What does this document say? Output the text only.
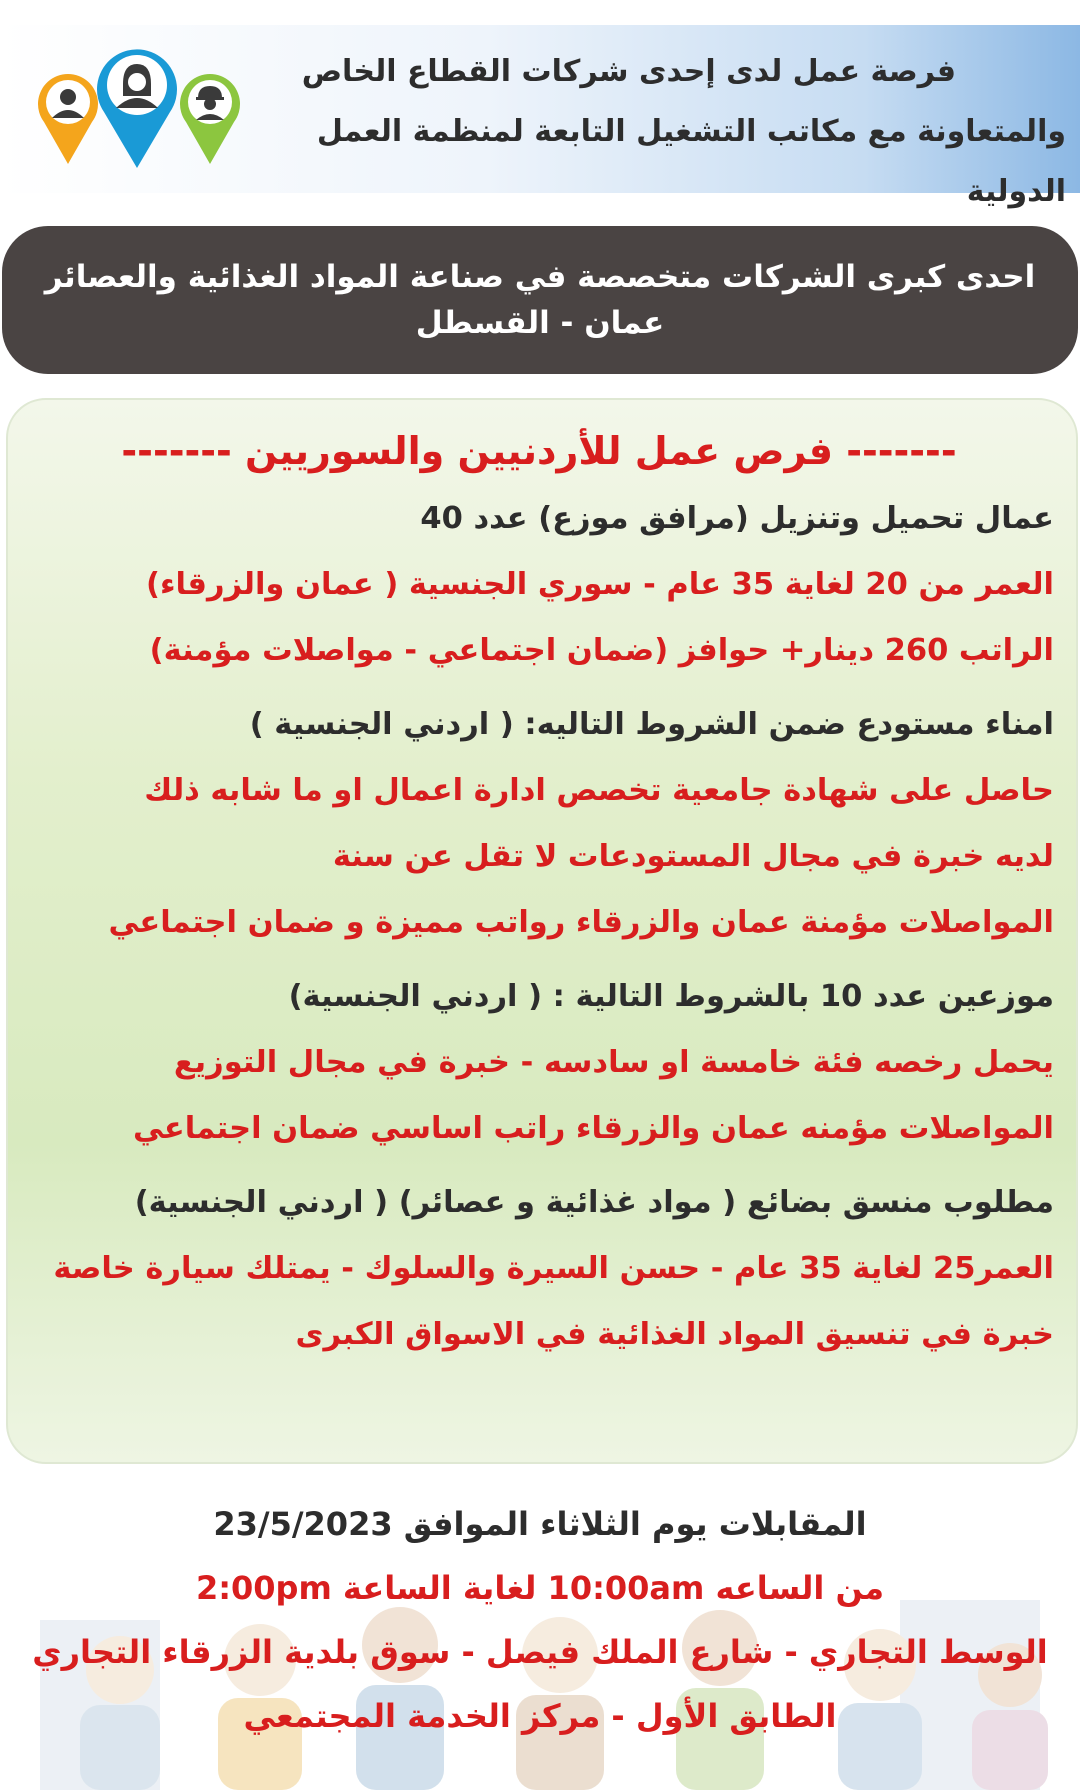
فرصة عمل لدى إحدى شركات القطاع الخاص
والمتعاونة مع مكاتب التشغيل التابعة لمنظمة العمل الدولية
احدى كبرى الشركات متخصصة في صناعة المواد الغذائية والعصائر
عمان - القسطل
------- فرص عمل للأردنيين والسوريين -------
عمال تحميل وتنزيل (مرافق موزع) عدد 40
العمر من 20 لغاية 35 عام - سوري الجنسية ( عمان والزرقاء)
الراتب 260 دينار+ حوافز (ضمان اجتماعي - مواصلات مؤمنة)
امناء مستودع ضمن الشروط التاليه: ( اردني الجنسية )
حاصل على شهادة جامعية تخصص ادارة اعمال او ما شابه ذلك
لديه خبرة في مجال المستودعات لا تقل عن سنة
المواصلات مؤمنة عمان والزرقاء رواتب مميزة و ضمان اجتماعي
موزعين عدد 10 بالشروط التالية : ( اردني الجنسية)
يحمل رخصه فئة خامسة او سادسه - خبرة في مجال التوزيع
المواصلات مؤمنه عمان والزرقاء راتب اساسي ضمان اجتماعي
مطلوب منسق بضائع ( مواد غذائية و عصائر) ( اردني الجنسية)
العمر25 لغاية 35 عام - حسن السيرة والسلوك - يمتلك سيارة خاصة
خبرة في تنسيق المواد الغذائية في الاسواق الكبرى
المقابلات يوم الثلاثاء الموافق 23/5/2023
من الساعه 10:00am لغاية الساعة 2:00pm
الوسط التجاري - شارع الملك فيصل - سوق بلدية الزرقاء التجاري
الطابق الأول - مركز الخدمة المجتمعي
